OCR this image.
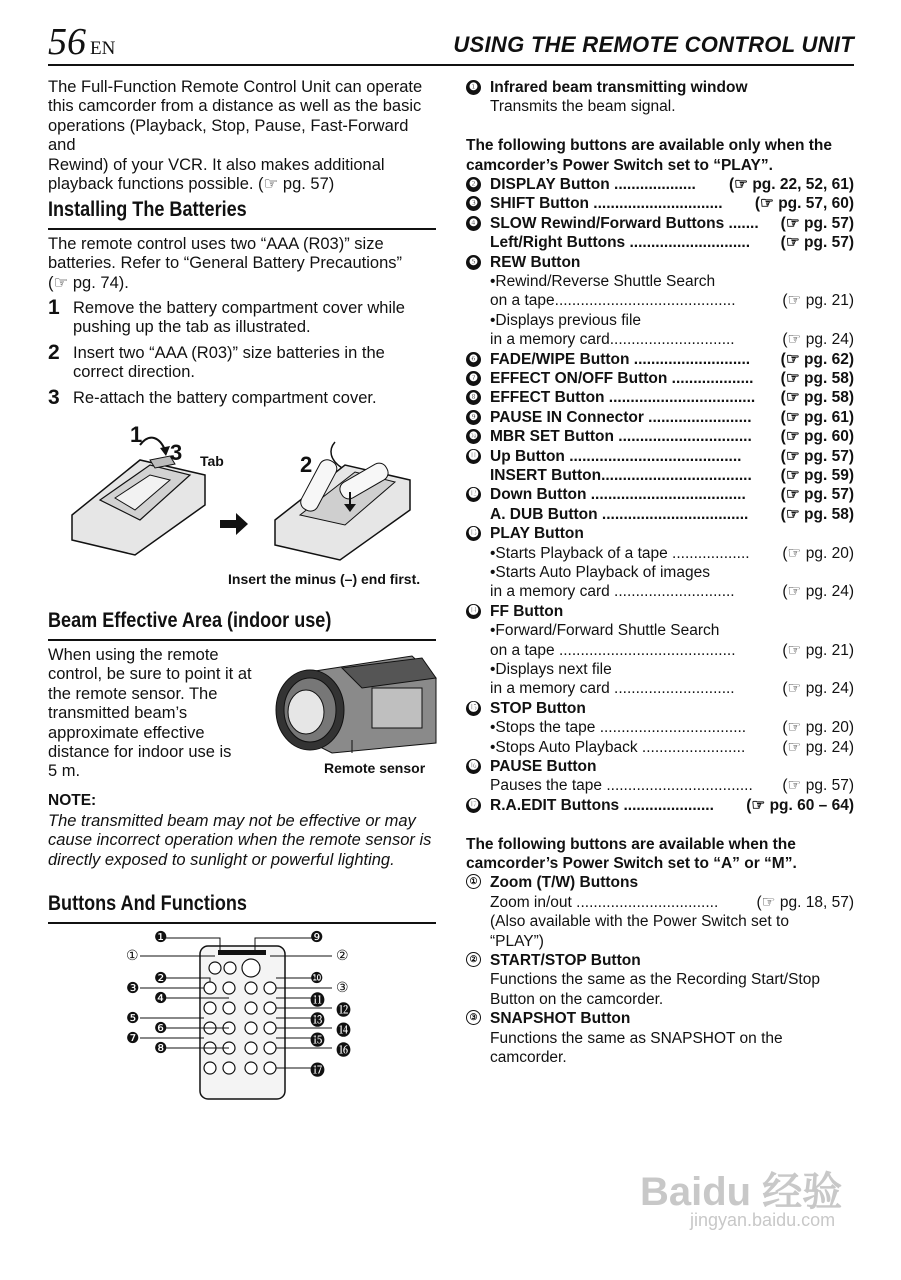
56 EN	USING THE REMOTE CONTROL UNIT
The Full-Function Remote Control Unit can operate
this camcorder from a distance as well as the basic
operations (Playback, Stop, Pause, Fast-Forward and
Rewind) of your VCR. It also makes additional
playback functions possible. (☞ pg. 57)
Installing The Batteries
The remote control uses two “AAA (R03)” size
batteries. Refer to “General Battery Precautions”
(☞ pg. 74).
1 Remove the battery compartment cover while
pushing up the tab as illustrated.
2 Insert two “AAA (R03)” size batteries in the
correct direction.
3 Re-attach the battery compartment cover.
1
3 Tab	2
Insert the minus (–) end first.
Beam Effective Area (indoor use)
When using the remote
control, be sure to point it at
the remote sensor. The
transmitted beam’s
approximate effective
distance for indoor use is
5 m.	Remote sensor
NOTE:
The transmitted beam may not be effective or may
cause incorrect operation when the remote sensor is
directly exposed to sunlight or powerful lighting.
Buttons And Functions
❶
①
❷
❸
❹
❺
❻
❼
❽
❾
②
❿ ③
⓫
⓬
⓭
⓮
⓯
⓰
⓱
❶ Infrared beam transmitting window
Transmits the beam signal.
The following buttons are available only when the
camcorder’s Power Switch set to “PLAY”.
❷ DISPLAY Button ................... (☞ pg. 22, 52, 61)
❸ SHIFT Button .............................. (☞ pg. 57, 60)
❹ SLOW Rewind/Forward Buttons ....... (☞ pg. 57)
Left/Right Buttons ............................ (☞ pg. 57)
❺ REW Button
•Rewind/Reverse Shuttle Search
on a tape..........................................	(☞ pg. 21)
•Displays previous file
in a memory card.............................	(☞ pg. 24)
❻ FADE/WIPE Button ........................... (☞ pg. 62)
❼ EFFECT ON/OFF Button ................... (☞ pg. 58)
❽ EFFECT Button .................................. (☞ pg. 58)
❾ PAUSE IN Connector ........................ (☞ pg. 61)
❿ MBR SET Button ............................... (☞ pg. 60)
⓫ Up Button ........................................	(☞ pg. 57)
INSERT Button................................... (☞ pg. 59)
⓬ Down Button .................................... (☞ pg. 57)
A. DUB Button .................................. (☞ pg. 58)
⓭ PLAY Button
•Starts Playback of a tape .................. (☞ pg. 20)
•Starts Auto Playback of images
in a memory card ............................	(☞ pg. 24)
⓮ FF Button
•Forward/Forward Shuttle Search
on a tape .........................................	(☞ pg. 21)
•Displays next file
in a memory card ............................	(☞ pg. 24)
⓯ STOP Button
•Stops the tape .................................. (☞ pg. 20)
•Stops Auto Playback ........................ (☞ pg. 24)
⓰ PAUSE Button
Pauses the tape .................................. (☞ pg. 57)
⓱ R.A.EDIT Buttons ..................... (☞ pg. 60 – 64)
The following buttons are available when the
camcorder’s Power Switch set to “A” or “M”.
① Zoom (T/W) Buttons
Zoom in/out ................................. (☞ pg. 18, 57)
(Also available with the Power Switch set to
“PLAY”)
② START/STOP Button
Functions the same as the Recording Start/Stop
Button on the camcorder.
③ SNAPSHOT Button
Functions the same as SNAPSHOT on the
camcorder.
Baidu 经验
jingyan.baidu.com
